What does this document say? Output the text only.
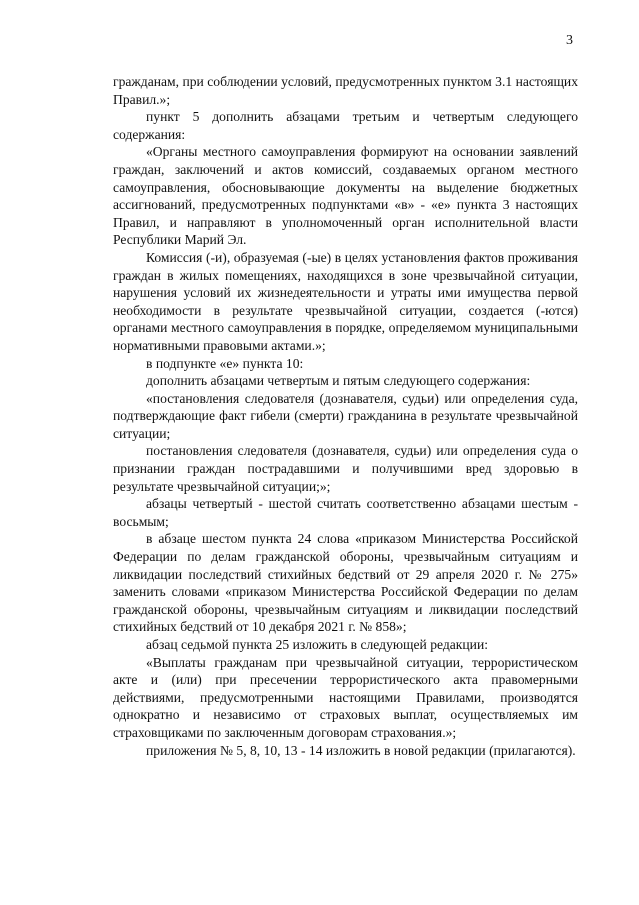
3

гражданам, при соблюдении условий, предусмотренных пунктом 3.1 настоящих Правил.»;

пункт 5 дополнить абзацами третьим и четвертым следующего содержания:

«Органы местного самоуправления формируют на основании заявлений граждан, заключений и актов комиссий, создаваемых органом местного самоуправления, обосновывающие документы на выделение бюджетных ассигнований, предусмотренных подпунктами «в» - «е» пункта 3 настоящих Правил, и направляют в уполномоченный орган исполнительной власти Республики Марий Эл.

Комиссия (-и), образуемая (-ые) в целях установления фактов проживания граждан в жилых помещениях, находящихся в зоне чрезвычайной ситуации, нарушения условий их жизнедеятельности и утраты ими имущества первой необходимости в результате чрезвычайной ситуации, создается (-ются) органами местного самоуправления в порядке, определяемом муниципальными нормативными правовыми актами.»;

в подпункте «е» пункта 10:

дополнить абзацами четвертым и пятым следующего содержания:

«постановления следователя (дознавателя, судьи) или определения суда, подтверждающие факт гибели (смерти) гражданина в результате чрезвычайной ситуации;

постановления следователя (дознавателя, судьи) или определения суда о признании граждан пострадавшими и получившими вред здоровью в результате чрезвычайной ситуации;»;

абзацы четвертый - шестой считать соответственно абзацами шестым - восьмым;

в абзаце шестом пункта 24 слова «приказом Министерства Российской Федерации по делам гражданской обороны, чрезвычайным ситуациям и ликвидации последствий стихийных бедствий от 29 апреля 2020 г. № 275» заменить словами «приказом Министерства Российской Федерации по делам гражданской обороны, чрезвычайным ситуациям и ликвидации последствий стихийных бедствий от 10 декабря 2021 г. № 858»;

абзац седьмой пункта 25 изложить в следующей редакции:

«Выплаты гражданам при чрезвычайной ситуации, террористическом акте и (или) при пресечении террористического акта правомерными действиями, предусмотренными настоящими Правилами, производятся однократно и независимо от страховых выплат, осуществляемых им страховщиками по заключенным договорам страхования.»;

приложения № 5, 8, 10, 13 - 14 изложить в новой редакции (прилагаются).
